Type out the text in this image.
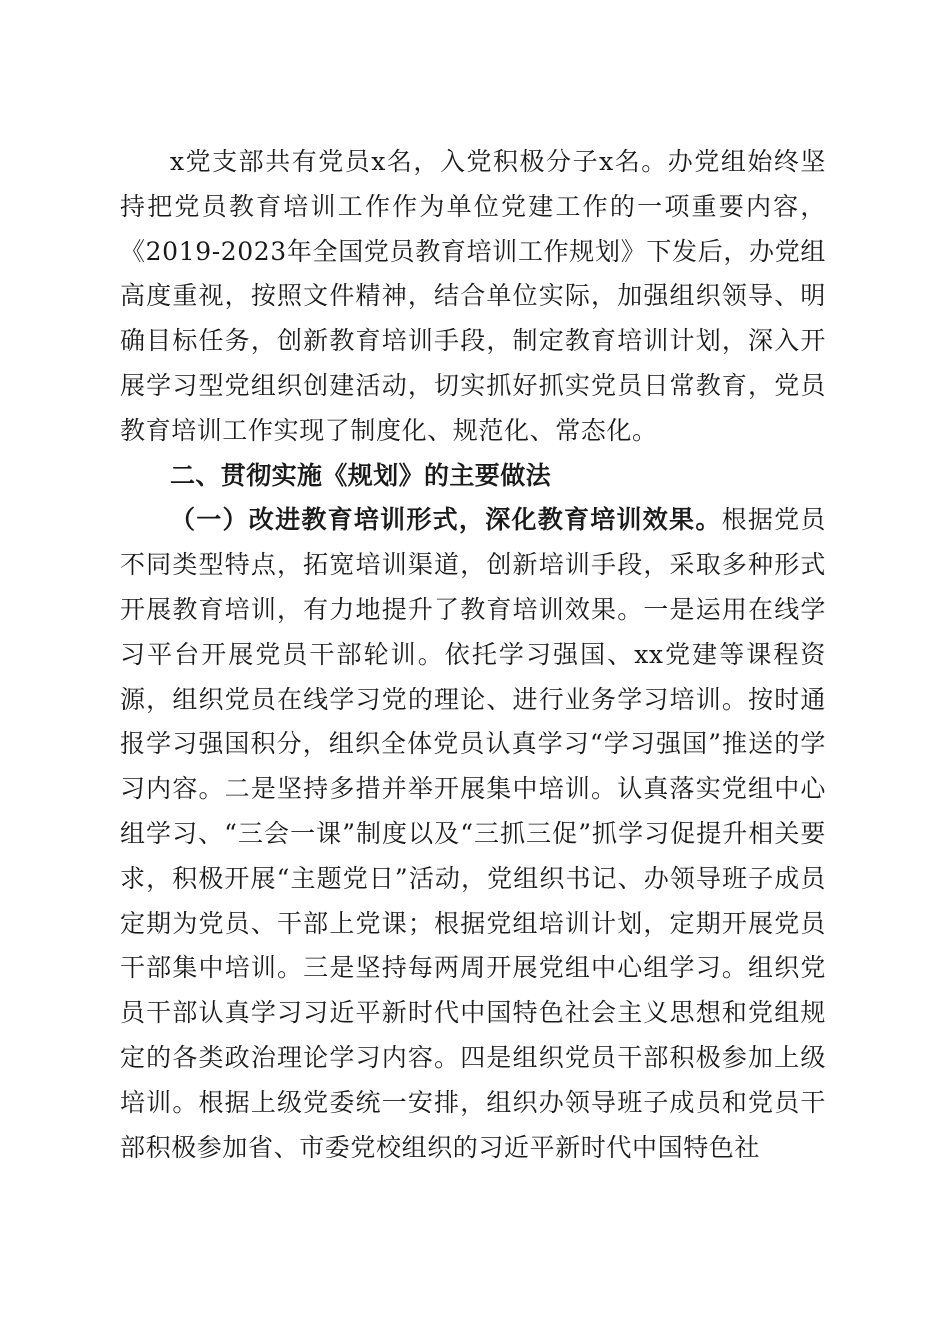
x党支部共有党员x名，入党积极分子x名。办党组始终坚持把党员教育培训工作作为单位党建工作的一项重要内容，《2019-2023年全国党员教育培训工作规划》下发后，办党组高度重视，按照文件精神，结合单位实际，加强组织领导、明确目标任务，创新教育培训手段，制定教育培训计划，深入开展学习型党组织创建活动，切实抓好抓实党员日常教育，党员教育培训工作实现了制度化、规范化、常态化。

二、贯彻实施《规划》的主要做法

（一）改进教育培训形式，深化教育培训效果。根据党员不同类型特点，拓宽培训渠道，创新培训手段，采取多种形式开展教育培训，有力地提升了教育培训效果。一是运用在线学习平台开展党员干部轮训。依托学习强国、xx党建等课程资源，组织党员在线学习党的理论、进行业务学习培训。按时通报学习强国积分，组织全体党员认真学习“学习强国”推送的学习内容。二是坚持多措并举开展集中培训。认真落实党组中心组学习、“三会一课”制度以及“三抓三促”抓学习促提升相关要求，积极开展“主题党日”活动，党组织书记、办领导班子成员定期为党员、干部上党课；根据党组培训计划，定期开展党员干部集中培训。三是坚持每两周开展党组中心组学习。组织党员干部认真学习习近平新时代中国特色社会主义思想和党组规定的各类政治理论学习内容。四是组织党员干部积极参加上级培训。根据上级党委统一安排，组织办领导班子成员和党员干部积极参加省、市委党校组织的习近平新时代中国特色社
